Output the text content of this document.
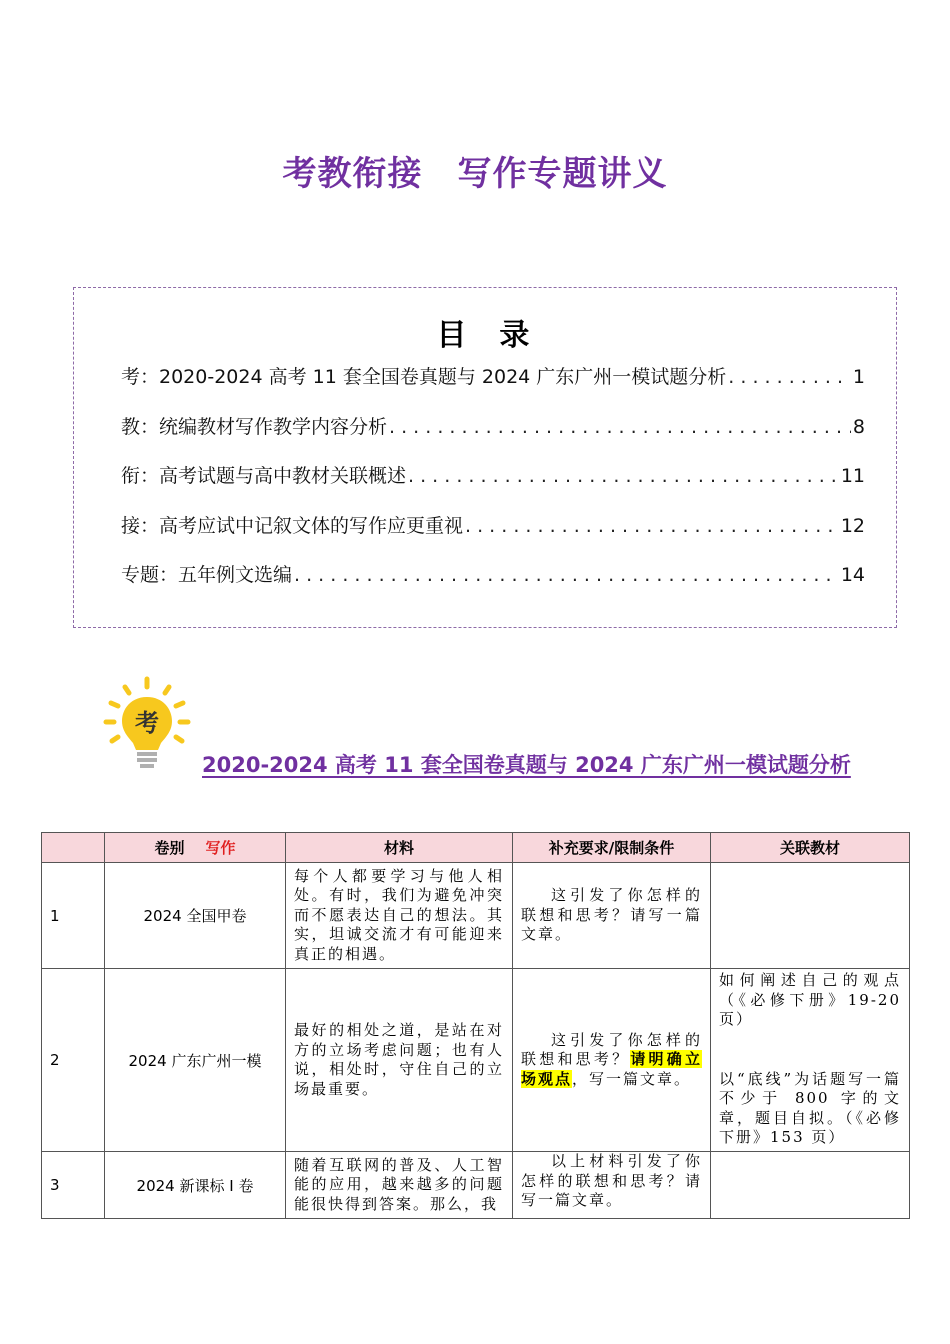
考教衔接　写作专题讲义
目  录
考：2020-2024 高考 11 套全国卷真题与 2024 广东广州一模试题分析 . . .	1
教：统编教材写作教学内容分析 . . .	8
衔：高考试题与高中教材关联概述 . . .	11
接：高考应试中记叙文体的写作应更重视 . . .	12
专题：五年例文选编 . . .	14
考
2020-2024 高考 11 套全国卷真题与 2024 广东广州一模试题分析
	卷别 写作	材料	补充要求/限制条件	关联教材
1	2024 全国甲卷	每个人都要学习与他人相处。有时，我们为避免冲突而不愿表达自己的想法。其实，坦诚交流才有可能迎来真正的相遇。	这引发了你怎样的联想和思考？请写一篇文章。	
2	2024 广东广州一模	最好的相处之道，是站在对方的立场考虑问题；也有人说，相处时，守住自己的立场最重要。	这引发了你怎样的联想和思考？请明确立场观点，写一篇文章。	如何阐述自己的观点（《必修下册》19-20 页）
以“底线”为话题写一篇不少于 800 字的文章，题目自拟。（《必修下册》153 页）

3	2024 新课标 I 卷	随着互联网的普及、人工智能的应用，越来越多的问题能很快得到答案。那么，我	以上材料引发了你怎样的联想和思考？请写一篇文章。	
